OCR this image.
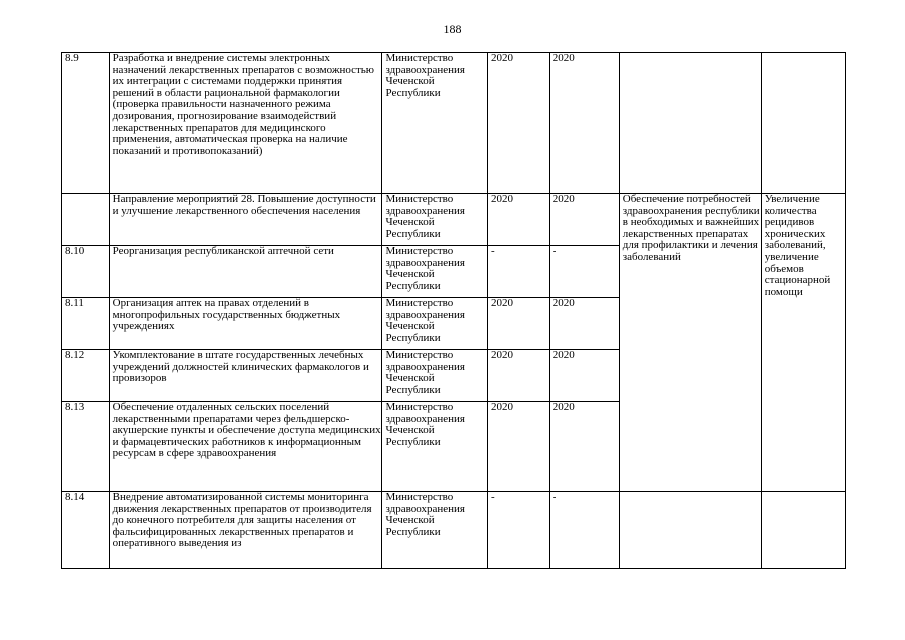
188
8.9	Разработка и внедрение системы электронных назначений лекарственных препаратов с возможностью их интеграции с системами поддержки принятия решений в области рациональной фармакологии (проверка правильности назначенного режима дозирования, прогнозирование взаимодействий лекарственных препаратов для медицинского применения, автоматическая проверка на наличие показаний и противопоказаний)	Министерство здравоохранения Чеченской Республики	2020	2020		
	Направление мероприятий 28. Повышение доступности и улучшение лекарственного обеспечения населения	Министерство здравоохранения Чеченской Республики	2020	2020	Обеспечение потребностей здравоохранения республики в необходимых и важнейших лекарственных препаратах для профилактики и лечения заболеваний	Увеличение количества рецидивов хронических заболеваний, увеличение объемов стационарной помощи
8.10	Реорганизация республиканской аптечной сети	Министерство здравоохранения Чеченской Республики	-	-		
8.11	Организация аптек на правах отделений в многопрофильных государственных бюджетных учреждениях	Министерство здравоохранения Чеченской Республики	2020	2020		
8.12	Укомплектование в штате государственных лечебных учреждений должностей клинических фармакологов и провизоров	Министерство здравоохранения Чеченской Республики	2020	2020		
8.13	Обеспечение отдаленных сельских поселений лекарственными препаратами через фельдшерско-акушерские пункты и обеспечение доступа медицинских и фармацевтических работников к информационным ресурсам в сфере здравоохранения	Министерство здравоохранения Чеченской Республики	2020	2020		
8.14	Внедрение автоматизированной системы мониторинга движения лекарственных препаратов от производителя до конечного потребителя для защиты населения от фальсифицированных лекарственных препаратов и оперативного выведения из	Министерство здравоохранения Чеченской Республики	-	-		
